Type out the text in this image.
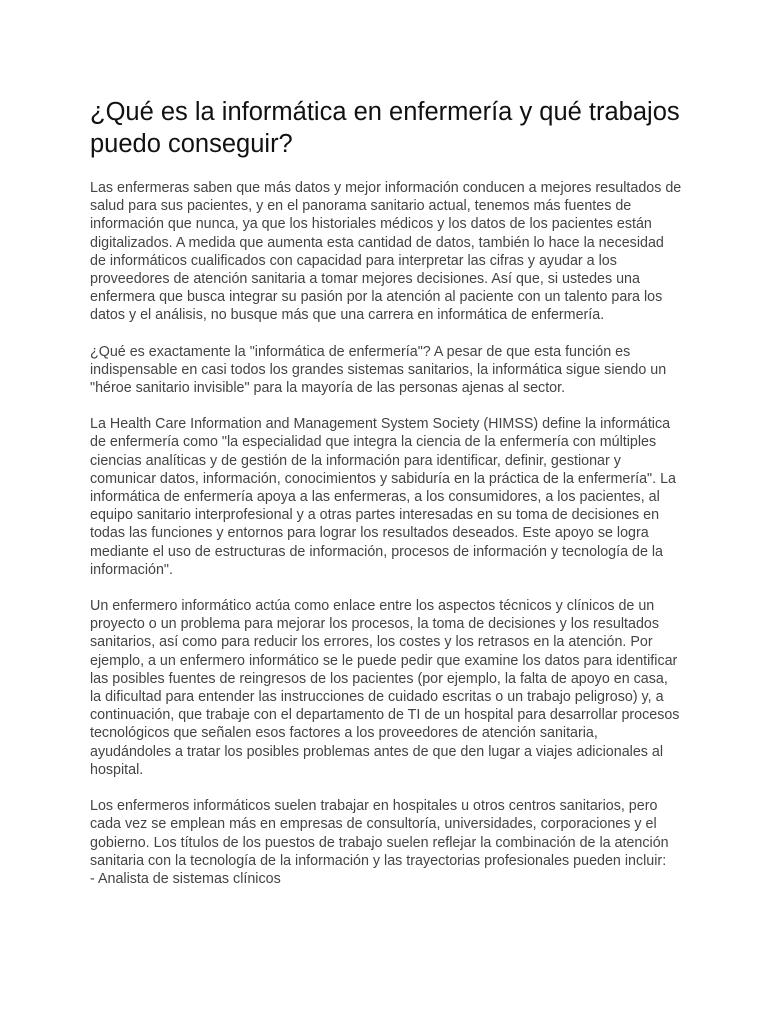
¿Qué es la informática en enfermería y qué trabajos puedo conseguir?

Las enfermeras saben que más datos y mejor información conducen a mejores resultados de salud para sus pacientes, y en el panorama sanitario actual, tenemos más fuentes de información que nunca, ya que los historiales médicos y los datos de los pacientes están digitalizados. A medida que aumenta esta cantidad de datos, también lo hace la necesidad de informáticos cualificados con capacidad para interpretar las cifras y ayudar a los proveedores de atención sanitaria a tomar mejores decisiones. Así que, si ustedes una enfermera que busca integrar su pasión por la atención al paciente con un talento para los datos y el análisis, no busque más que una carrera en informática de enfermería.

¿Qué es exactamente la "informática de enfermería"? A pesar de que esta función es indispensable en casi todos los grandes sistemas sanitarios, la informática sigue siendo un "héroe sanitario invisible" para la mayoría de las personas ajenas al sector.

La Health Care Information and Management System Society (HIMSS) define la informática de enfermería como "la especialidad que integra la ciencia de la enfermería con múltiples ciencias analíticas y de gestión de la información para identificar, definir, gestionar y comunicar datos, información, conocimientos y sabiduría en la práctica de la enfermería". La informática de enfermería apoya a las enfermeras, a los consumidores, a los pacientes, al equipo sanitario interprofesional y a otras partes interesadas en su toma de decisiones en todas las funciones y entornos para lograr los resultados deseados. Este apoyo se logra mediante el uso de estructuras de información, procesos de información y tecnología de la información".

Un enfermero informático actúa como enlace entre los aspectos técnicos y clínicos de un proyecto o un problema para mejorar los procesos, la toma de decisiones y los resultados sanitarios, así como para reducir los errores, los costes y los retrasos en la atención. Por ejemplo, a un enfermero informático se le puede pedir que examine los datos para identificar las posibles fuentes de reingresos de los pacientes (por ejemplo, la falta de apoyo en casa, la dificultad para entender las instrucciones de cuidado escritas o un trabajo peligroso) y, a continuación, que trabaje con el departamento de TI de un hospital para desarrollar procesos tecnológicos que señalen esos factores a los proveedores de atención sanitaria, ayudándoles a tratar los posibles problemas antes de que den lugar a viajes adicionales al hospital.

Los enfermeros informáticos suelen trabajar en hospitales u otros centros sanitarios, pero cada vez se emplean más en empresas de consultoría, universidades, corporaciones y el gobierno. Los títulos de los puestos de trabajo suelen reflejar la combinación de la atención sanitaria con la tecnología de la información y las trayectorias profesionales pueden incluir:

- Analista de sistemas clínicos
